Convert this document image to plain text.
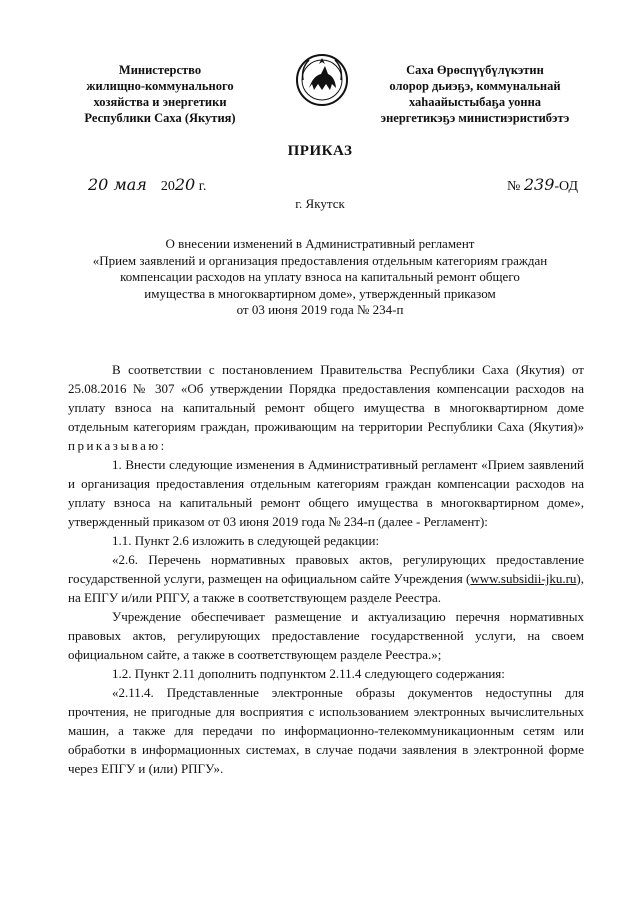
Министерство
жилищно-коммунального
хозяйства и энергетики
Республики Саха (Якутия)
Саха Өрөспүүбүлүкэтин
олорор дьиэҕэ, коммунальнай
хаһаайыстыбаҕа уонна
энергетикэҕэ министиэристибэтэ
ПРИКАЗ
20 мая 2020 г.	№ 239-ОД
г. Якутск
О внесении изменений в Административный регламент
«Прием заявлений и организация предоставления отдельным категориям граждан
компенсации расходов на уплату взноса на капитальный ремонт общего
имущества в многоквартирном доме», утвержденный приказом
от 03 июня 2019 года № 234-п

В соответствии с постановлением Правительства Республики Саха (Якутия) от 25.08.2016 № 307 «Об утверждении Порядка предоставления компенсации расходов на уплату взноса на капитальный ремонт общего имущества в многоквартирном доме отдельным категориям граждан, проживающим на территории Республики Саха (Якутия)» приказываю:

1. Внести следующие изменения в Административный регламент «Прием заявлений и организация предоставления отдельным категориям граждан компенсации расходов на уплату взноса на капитальный ремонт общего имущества в многоквартирном доме», утвержденный приказом от 03 июня 2019 года № 234-п (далее - Регламент):

1.1. Пункт 2.6 изложить в следующей редакции:

«2.6. Перечень нормативных правовых актов, регулирующих предоставление государственной услуги, размещен на официальном сайте Учреждения (www.subsidii-jku.ru), на ЕПГУ и/или РПГУ, а также в соответствующем разделе Реестра.

Учреждение обеспечивает размещение и актуализацию перечня нормативных правовых актов, регулирующих предоставление государственной услуги, на своем официальном сайте, а также в соответствующем разделе Реестра.»;

1.2. Пункт 2.11 дополнить подпунктом 2.11.4 следующего содержания:

«2.11.4. Представленные электронные образы документов недоступны для прочтения, не пригодные для восприятия с использованием электронных вычислительных машин, а также для передачи по информационно-телекоммуникационным сетям или обработки в информационных системах, в случае подачи заявления в электронной форме через ЕПГУ и (или) РПГУ».
